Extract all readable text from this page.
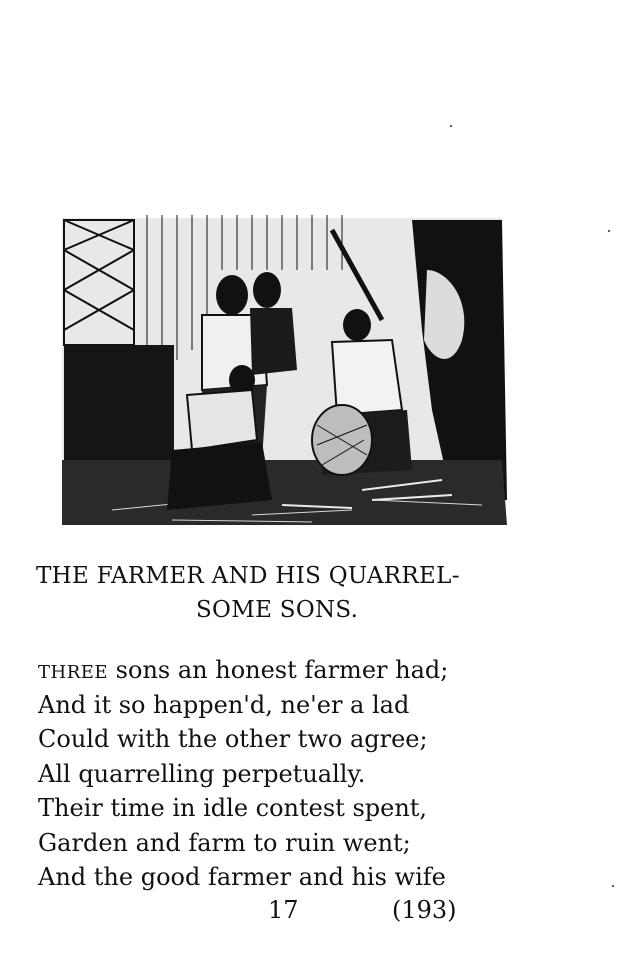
THE FARMER AND HIS QUARREL-
SOME SONS.
THREE sons an honest farmer had;
And it so happen'd, ne'er a lad
Could with the other two agree;
All quarrelling perpetually.
Their time in idle contest spent,
Garden and farm to ruin went;
And the good farmer and his wife
17	(193)
